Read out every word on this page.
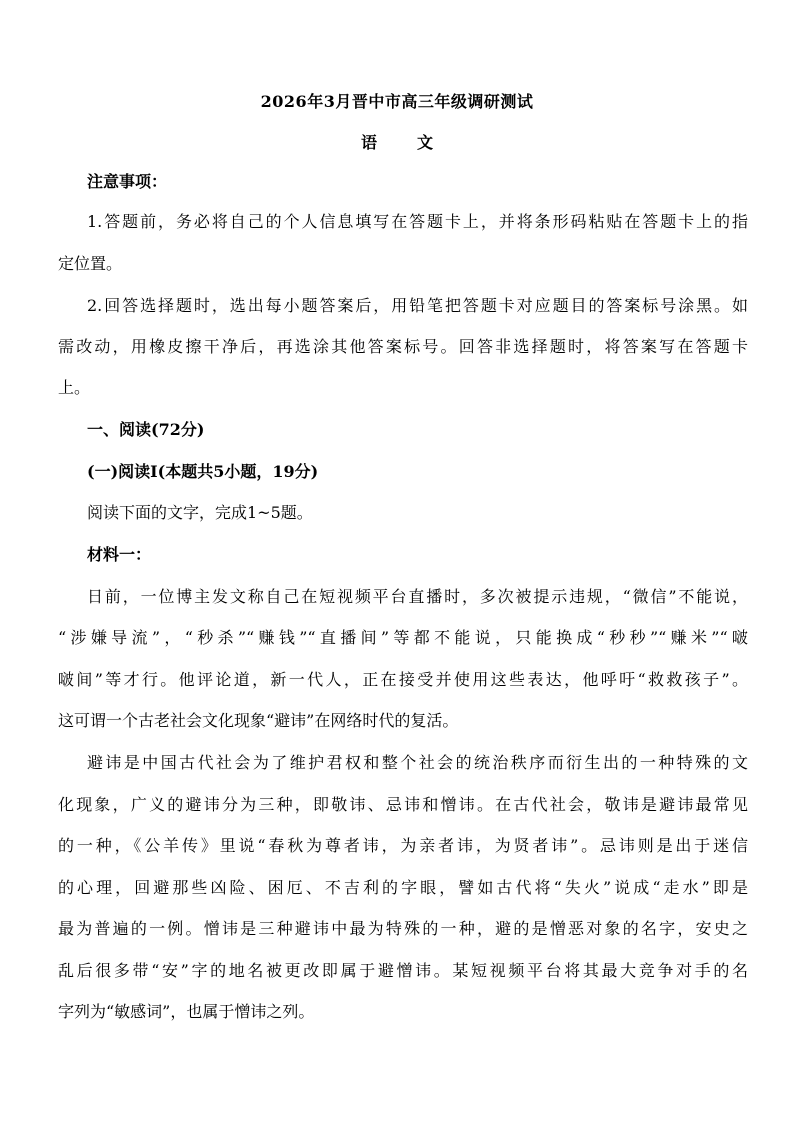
2026年3月晋中市高三年级调研测试
语文
注意事项：
1.答题前，务必将自己的个人信息填写在答题卡上，并将条形码粘贴在答题卡上的指
定位置。
2.回答选择题时，选出每小题答案后，用铅笔把答题卡对应题目的答案标号涂黑。如
需改动，用橡皮擦干净后，再选涂其他答案标号。回答非选择题时，将答案写在答题卡
上。
一、阅读(72分)
(一)阅读Ⅰ(本题共5小题，19分)
阅读下面的文字，完成1~5题。
材料一：
日前，一位博主发文称自己在短视频平台直播时，多次被提示违规，“微信”不能说，
“涉嫌导流”，“秒杀”“赚钱”“直播间”等都不能说，只能换成“秒秒”“赚米”“啵
啵间”等才行。他评论道，新一代人，正在接受并使用这些表达，他呼吁“救救孩子”。
这可谓一个古老社会文化现象“避讳”在网络时代的复活。
避讳是中国古代社会为了维护君权和整个社会的统治秩序而衍生出的一种特殊的文
化现象，广义的避讳分为三种，即敬讳、忌讳和憎讳。在古代社会，敬讳是避讳最常见
的一种，《公羊传》里说“春秋为尊者讳，为亲者讳，为贤者讳”。忌讳则是出于迷信
的心理，回避那些凶险、困厄、不吉利的字眼，譬如古代将“失火”说成“走水”即是
最为普遍的一例。憎讳是三种避讳中最为特殊的一种，避的是憎恶对象的名字，安史之
乱后很多带“安”字的地名被更改即属于避憎讳。某短视频平台将其最大竞争对手的名
字列为“敏感词”，也属于憎讳之列。
